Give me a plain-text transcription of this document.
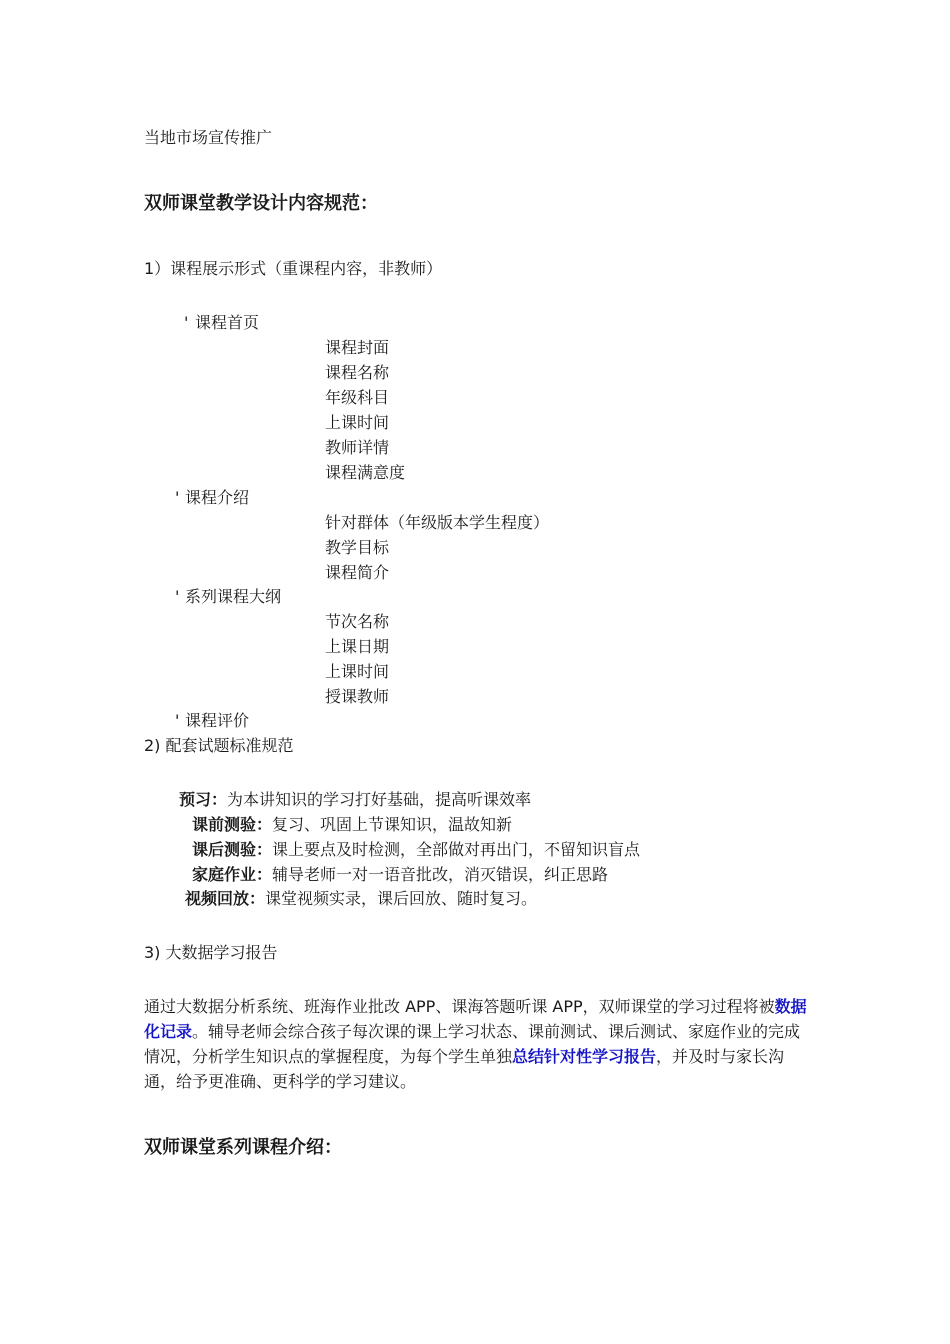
当地市场宣传推广
双师课堂教学设计内容规范：
1）课程展示形式（重课程内容，非教师）
' 课程首页
课程封面
课程名称
年级科目
上课时间
教师详情
课程满意度
' 课程介绍
针对群体（年级版本学生程度）
教学目标
课程简介
' 系列课程大纲
节次名称
上课日期
上课时间
授课教师
' 课程评价
2) 配套试题标准规范
预习：为本讲知识的学习打好基础，提高听课效率
课前测验：复习、巩固上节课知识，温故知新
课后测验：课上要点及时检测，全部做对再出门，不留知识盲点
家庭作业：辅导老师一对一语音批改，消灭错误，纠正思路
视频回放：课堂视频实录，课后回放、随时复习。
3) 大数据学习报告
通过大数据分析系统、班海作业批改 APP、课海答题听课 APP，双师课堂的学习过程将被数据化记录。辅导老师会综合孩子每次课的课上学习状态、课前测试、课后测试、家庭作业的完成情况，分析学生知识点的掌握程度，为每个学生单独总结针对性学习报告，并及时与家长沟通，给予更准确、更科学的学习建议。
双师课堂系列课程介绍：
